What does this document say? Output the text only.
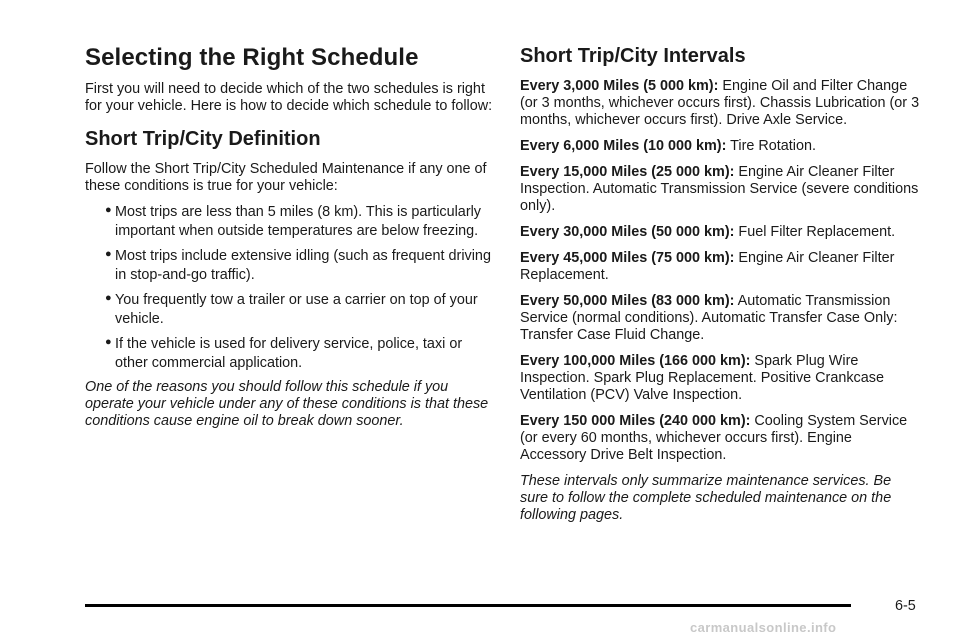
Selecting the Right Schedule

First you will need to decide which of the two schedules is right for your vehicle. Here is how to decide which schedule to follow:

Short Trip/City Definition

Follow the Short Trip/City Scheduled Maintenance if any one of these conditions is true for your vehicle:

● Most trips are less than 5 miles (8 km). This is particularly important when outside temperatures are below freezing.
● Most trips include extensive idling (such as frequent driving in stop-and-go traffic).
● You frequently tow a trailer or use a carrier on top of your vehicle.
● If the vehicle is used for delivery service, police, taxi or other commercial application.

One of the reasons you should follow this schedule if you operate your vehicle under any of these conditions is that these conditions cause engine oil to break down sooner.

Short Trip/City Intervals

Every 3,000 Miles (5 000 km): Engine Oil and Filter Change (or 3 months, whichever occurs first). Chassis Lubrication (or 3 months, whichever occurs first). Drive Axle Service.

Every 6,000 Miles (10 000 km): Tire Rotation.

Every 15,000 Miles (25 000 km): Engine Air Cleaner Filter Inspection. Automatic Transmission Service (severe conditions only).

Every 30,000 Miles (50 000 km): Fuel Filter Replacement.

Every 45,000 Miles (75 000 km): Engine Air Cleaner Filter Replacement.

Every 50,000 Miles (83 000 km): Automatic Transmission Service (normal conditions). Automatic Transfer Case Only: Transfer Case Fluid Change.

Every 100,000 Miles (166 000 km): Spark Plug Wire Inspection. Spark Plug Replacement. Positive Crankcase Ventilation (PCV) Valve Inspection.

Every 150 000 Miles (240 000 km): Cooling System Service (or every 60 months, whichever occurs first). Engine Accessory Drive Belt Inspection.

These intervals only summarize maintenance services. Be sure to follow the complete scheduled maintenance on the following pages.

6-5
carmanualsonline.info
